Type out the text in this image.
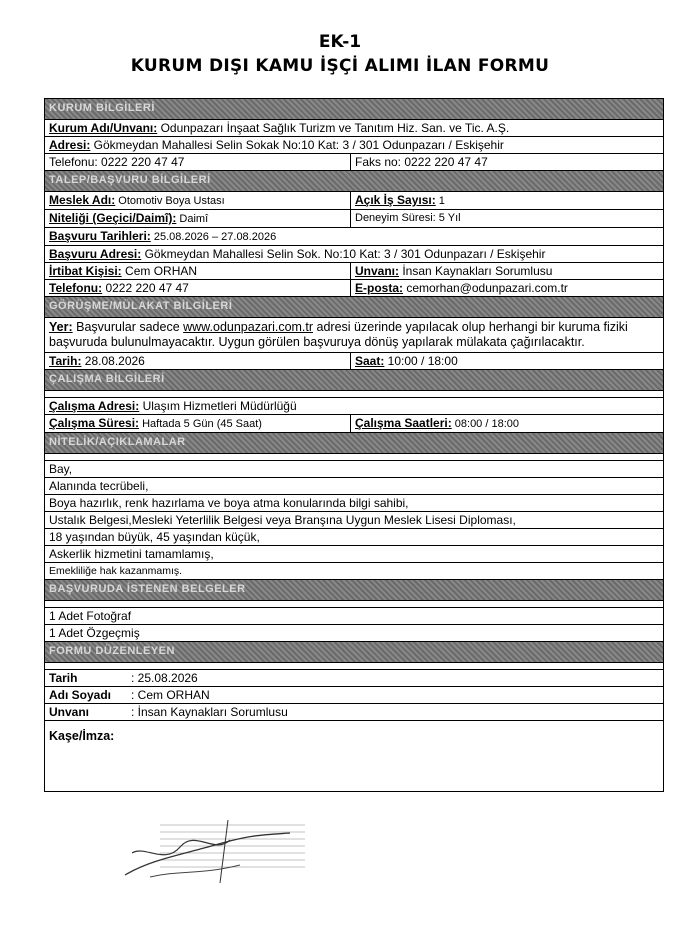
EK-1
KURUM DIŞI KAMU İŞÇİ ALIMI İLAN FORMU
KURUM BİLGİLERİ
Kurum Adı/Unvanı: Odunpazarı İnşaat Sağlık Turizm ve Tanıtım Hiz. San. ve Tic. A.Ş.
Adresi: Gökmeydan Mahallesi Selin Sokak No:10 Kat: 3 / 301 Odunpazarı / Eskişehir
Telefonu: 0222 220 47 47	Faks no: 0222 220 47 47
TALEP/BAŞVURU BİLGİLERİ
Meslek Adı: Otomotiv Boya Ustası	Açık İş Sayısı: 1
Niteliği (Geçici/Daimî): Daimî	Deneyim Süresi: 5 Yıl
Başvuru Tarihleri: 25.08.2026 – 27.08.2026
Başvuru Adresi: Gökmeydan Mahallesi Selin Sok. No:10 Kat: 3 / 301 Odunpazarı / Eskişehir
İrtibat Kişisi: Cem ORHAN	Unvanı: İnsan Kaynakları Sorumlusu
Telefonu: 0222 220 47 47	E-posta: cemorhan@odunpazari.com.tr
GÖRÜŞME/MÜLAKAT BİLGİLERİ
Yer: Başvurular sadece www.odunpazari.com.tr adresi üzerinde yapılacak olup herhangi bir kuruma fiziki başvuruda bulunulmayacaktır. Uygun görülen başvuruya dönüş yapılarak mülakata çağırılacaktır.
Tarih: 28.08.2026	Saat: 10:00 / 18:00
ÇALIŞMA BİLGİLERİ
Çalışma Adresi: Ulaşım Hizmetleri Müdürlüğü
Çalışma Süresi: Haftada 5 Gün (45 Saat)	Çalışma Saatleri: 08:00 / 18:00
NİTELİK/AÇIKLAMALAR
Bay,
Alanında tecrübeli,
Boya hazırlık, renk hazırlama ve boya atma konularında bilgi sahibi,
Ustalık Belgesi,Mesleki Yeterlilik Belgesi veya Branşına Uygun Meslek Lisesi Diploması,
18 yaşından büyük, 45 yaşından küçük,
Askerlik hizmetini tamamlamış,
Emekliliğe hak kazanmamış.
BAŞVURUDA İSTENEN BELGELER
1 Adet Fotoğraf
1 Adet Özgeçmiş
FORMU DÜZENLEYEN
Tarih	: 25.08.2026
Adı Soyadı : Cem ORHAN
Unvanı	: İnsan Kaynakları Sorumlusu
Kaşe/İmza:
